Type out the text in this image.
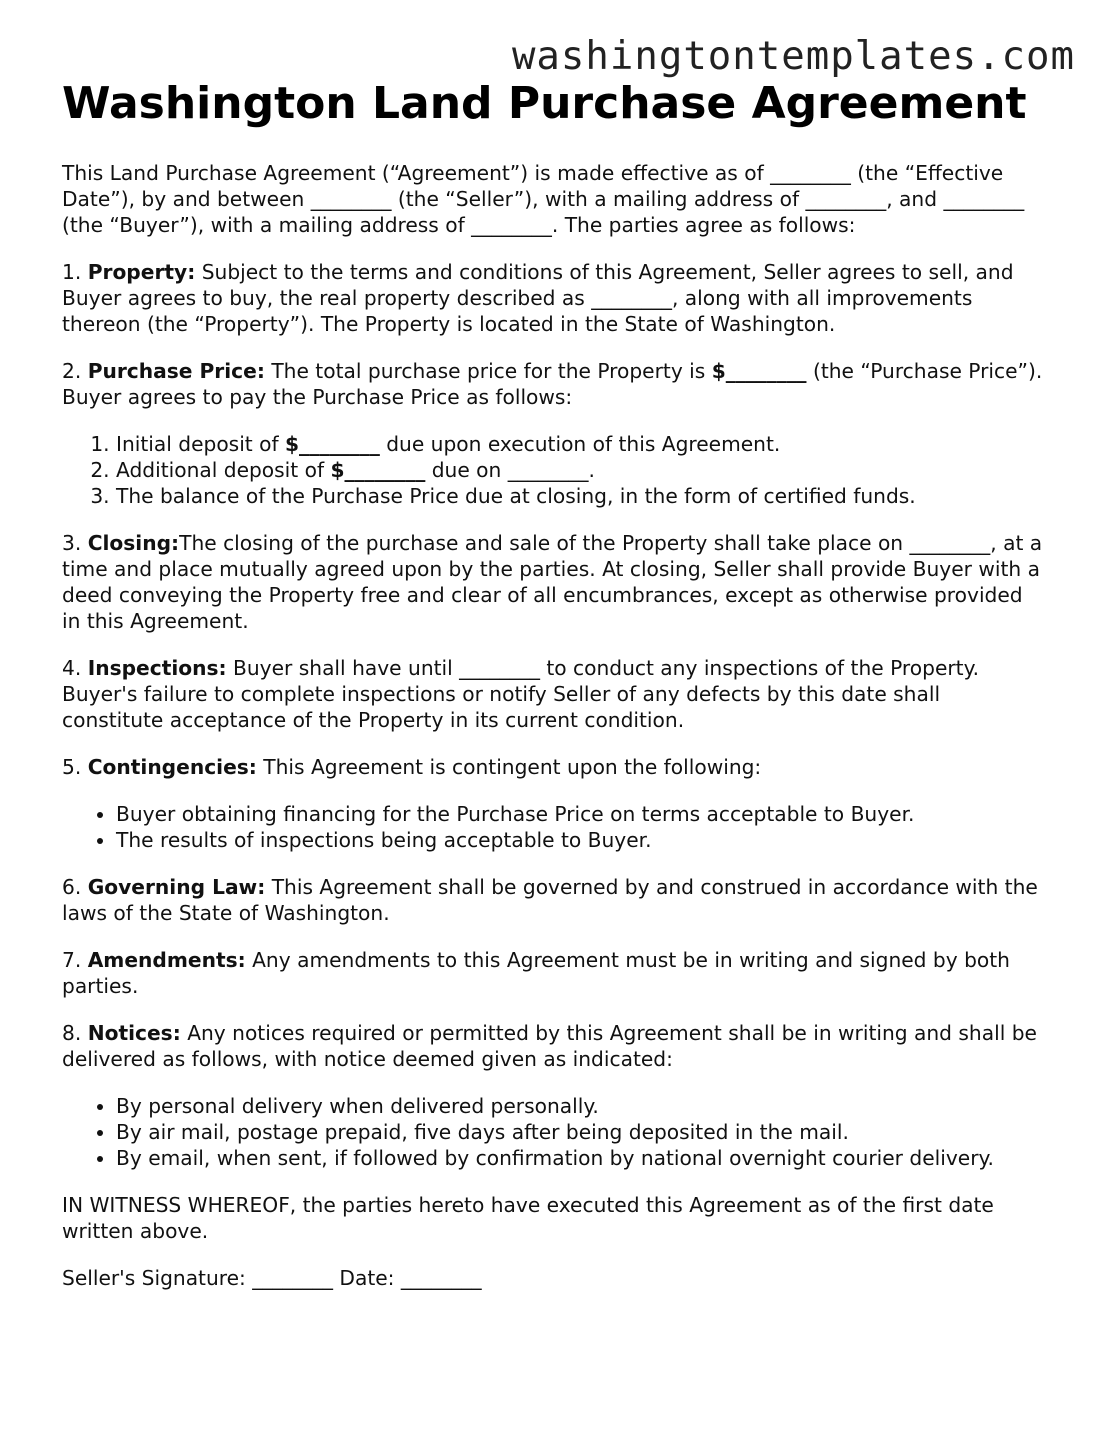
washingtontemplates.com
Washington Land Purchase Agreement

This Land Purchase Agreement (“Agreement”) is made effective as of ________ (the “Effective Date”), by and between ________ (the “Seller”), with a mailing address of ________, and ________ (the “Buyer”), with a mailing address of ________. The parties agree as follows:

1. Property: Subject to the terms and conditions of this Agreement, Seller agrees to sell, and Buyer agrees to buy, the real property described as ________, along with all improvements thereon (the “Property”). The Property is located in the State of Washington.

2. Purchase Price: The total purchase price for the Property is $________ (the “Purchase Price”). Buyer agrees to pay the Purchase Price as follows:

1. Initial deposit of $________ due upon execution of this Agreement.
2. Additional deposit of $________ due on ________.
3. The balance of the Purchase Price due at closing, in the form of certified funds.

3. Closing:The closing of the purchase and sale of the Property shall take place on ________, at a time and place mutually agreed upon by the parties. At closing, Seller shall provide Buyer with a deed conveying the Property free and clear of all encumbrances, except as otherwise provided in this Agreement.

4. Inspections: Buyer shall have until ________ to conduct any inspections of the Property. Buyer's failure to complete inspections or notify Seller of any defects by this date shall constitute acceptance of the Property in its current condition.

5. Contingencies: This Agreement is contingent upon the following:

• Buyer obtaining financing for the Purchase Price on terms acceptable to Buyer.
• The results of inspections being acceptable to Buyer.

6. Governing Law: This Agreement shall be governed by and construed in accordance with the laws of the State of Washington.

7. Amendments: Any amendments to this Agreement must be in writing and signed by both parties.

8. Notices: Any notices required or permitted by this Agreement shall be in writing and shall be delivered as follows, with notice deemed given as indicated:

• By personal delivery when delivered personally.
• By air mail, postage prepaid, five days after being deposited in the mail.
• By email, when sent, if followed by confirmation by national overnight courier delivery.

IN WITNESS WHEREOF, the parties hereto have executed this Agreement as of the first date written above.

Seller's Signature: ________ Date: ________
